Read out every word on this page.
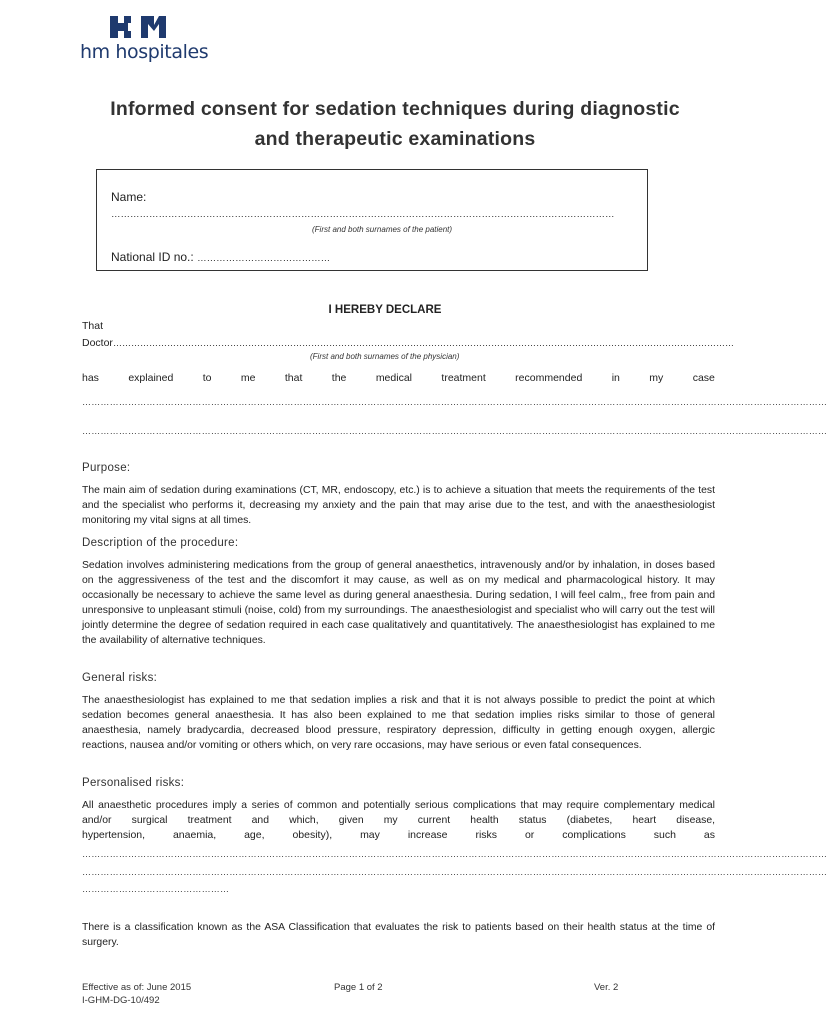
hm hospitales
Informed consent for sedation techniques during diagnostic
and therapeutic examinations
Name:
……………………………………………………………………………………………………………………………………………
(First and both surnames of the patient)
National ID no.: ……………………………………
I HEREBY DECLARE
That
Doctor………………………………………………………………………………………………………………………………………………………………………………………
(First and both surnames of the physician)
has	explained	to	me	that	the	medical	treatment	recommended	in	my	case
………………………………………………………………………………………………………………………………………………………………………………………………………………………
………………………………………………………………………………………………………………………………………………………………………………………………………………………
Purpose:
The main aim of sedation during examinations (CT, MR, endoscopy, etc.) is to achieve a situation that meets the requirements of the test and the specialist who performs it, decreasing my anxiety and the pain that may arise due to the test, and with the anaesthesiologist monitoring my vital signs at all times.
Description of the procedure:
Sedation involves administering medications from the group of general anaesthetics, intravenously and/or by inhalation, in doses based on the aggressiveness of the test and the discomfort it may cause, as well as on my medical and pharmacological history. It may occasionally be necessary to achieve the same level as during general anaesthesia. During sedation, I will feel calm,, free from pain and unresponsive to unpleasant stimuli (noise, cold) from my surroundings. The anaesthesiologist and specialist who will carry out the test will jointly determine the degree of sedation required in each case qualitatively and quantitatively. The anaesthesiologist has explained to me the availability of alternative techniques.
General risks:
The anaesthesiologist has explained to me that sedation implies a risk and that it is not always possible to predict the point at which sedation becomes general anaesthesia. It has also been explained to me that sedation implies risks similar to those of general anaesthesia, namely bradycardia, decreased blood pressure, respiratory depression, difficulty in getting enough oxygen, allergic reactions, nausea and/or vomiting or others which, on very rare occasions, may have serious or even fatal consequences.
Personalised risks:
All anaesthetic procedures imply a series of common and potentially serious complications that may require complementary medical and/or surgical treatment and which, given my current health status (diabetes, heart disease,
hypertension,	anaemia,	age,	obesity),	may	increase	risks	or	complications	such	as
………………………………………………………………………………………………………………………………………………………………………………………………………………………
………………………………………………………………………………………………………………………………………………………………………………………………………………………
…………………………………………
There is a classification known as the ASA Classification that evaluates the risk to patients based on their health status at the time of surgery.
Effective as of: June 2015
I-GHM-DG-10/492
Page 1 of 2	Ver. 2
